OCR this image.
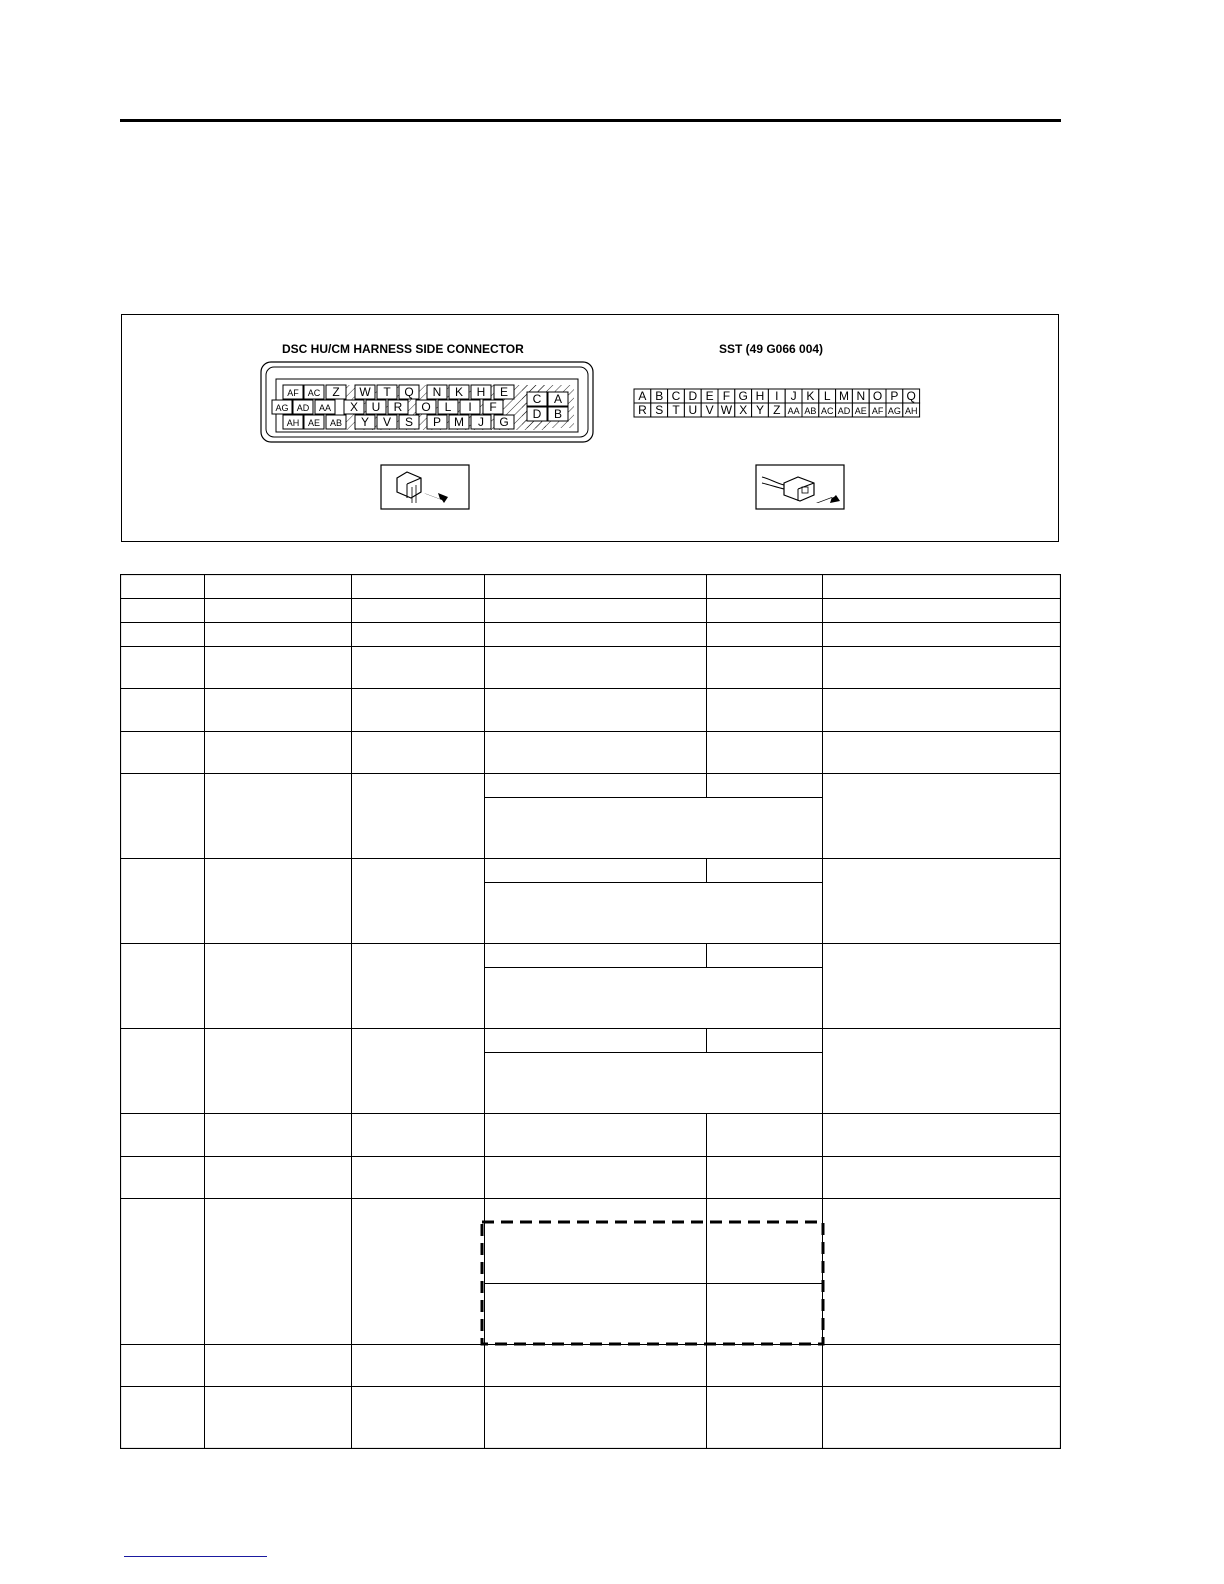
DSC HU/CM HARNESS SIDE CONNECTOR	SST (49 G066 004)
AF AC Z W T Q N K H E C A
AG AD AA X U R O L I F	D B
AH AE AB Y V S P M J G
A B C D E F G H I J K L M N O P Q
R S T U V W X Y Z AA AB AC AD AE AF AG AH
